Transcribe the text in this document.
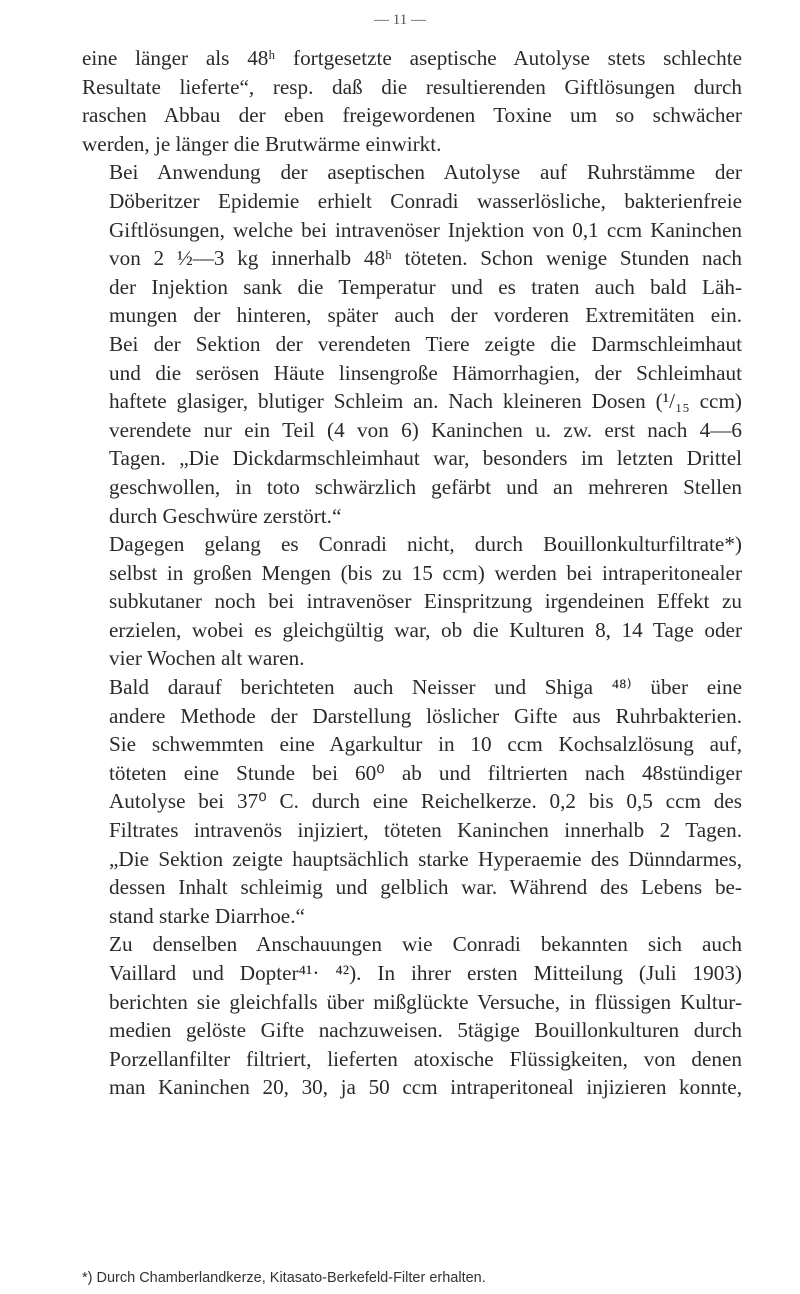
— 11 —

eine länger als 48ʰ fortgesetzte aseptische Autolyse stets schlechte
Resultate lieferte“, resp. daß die resultierenden Giftlösungen durch
raschen Abbau der eben freigewordenen Toxine um so schwächer
werden, je länger die Brutwärme einwirkt.

Bei Anwendung der aseptischen Autolyse auf Ruhrstämme der
Döberitzer Epidemie erhielt Conradi wasserlösliche, bakterienfreie
Giftlösungen, welche bei intravenöser Injektion von 0,1 ccm Kaninchen
von 2 ½—3 kg innerhalb 48ʰ töteten. Schon wenige Stunden nach
der Injektion sank die Temperatur und es traten auch bald Läh-
mungen der hinteren, später auch der vorderen Extremitäten ein.
Bei der Sektion der verendeten Tiere zeigte die Darmschleimhaut
und die serösen Häute linsengroße Hämorrhagien, der Schleimhaut
haftete glasiger, blutiger Schleim an. Nach kleineren Dosen (¹/₁₅ ccm)
verendete nur ein Teil (4 von 6) Kaninchen u. zw. erst nach 4—6
Tagen. „Die Dickdarmschleimhaut war, besonders im letzten Drittel
geschwollen, in toto schwärzlich gefärbt und an mehreren Stellen
durch Geschwüre zerstört.“

Dagegen gelang es Conradi nicht, durch Bouillonkulturfiltrate*)
selbst in großen Mengen (bis zu 15 ccm) werden bei intraperitonealer
subkutaner noch bei intravenöser Einspritzung irgendeinen Effekt zu
erzielen, wobei es gleichgültig war, ob die Kulturen 8, 14 Tage oder
vier Wochen alt waren.

Bald darauf berichteten auch Neisser und Shiga ⁴⁸⁾ über eine
andere Methode der Darstellung löslicher Gifte aus Ruhrbakterien.
Sie schwemmten eine Agarkultur in 10 ccm Kochsalzlösung auf,
töteten eine Stunde bei 60⁰ ab und filtrierten nach 48stündiger
Autolyse bei 37⁰ C. durch eine Reichelkerze. 0,2 bis 0,5 ccm des
Filtrates intravenös injiziert, töteten Kaninchen innerhalb 2 Tagen.
„Die Sektion zeigte hauptsächlich starke Hyperaemie des Dünndarmes,
dessen Inhalt schleimig und gelblich war. Während des Lebens be-
stand starke Diarrhoe.“

Zu denselben Anschauungen wie Conradi bekannten sich auch
Vaillard und Dopter⁴¹· ⁴²). In ihrer ersten Mitteilung (Juli 1903)
berichten sie gleichfalls über mißglückte Versuche, in flüssigen Kultur-
medien gelöste Gifte nachzuweisen. 5tägige Bouillonkulturen durch
Porzellanfilter filtriert, lieferten atoxische Flüssigkeiten, von denen
man Kaninchen 20, 30, ja 50 ccm intraperitoneal injizieren konnte,

*) Durch Chamberlandkerze, Kitasato-Berkefeld-Filter erhalten.
